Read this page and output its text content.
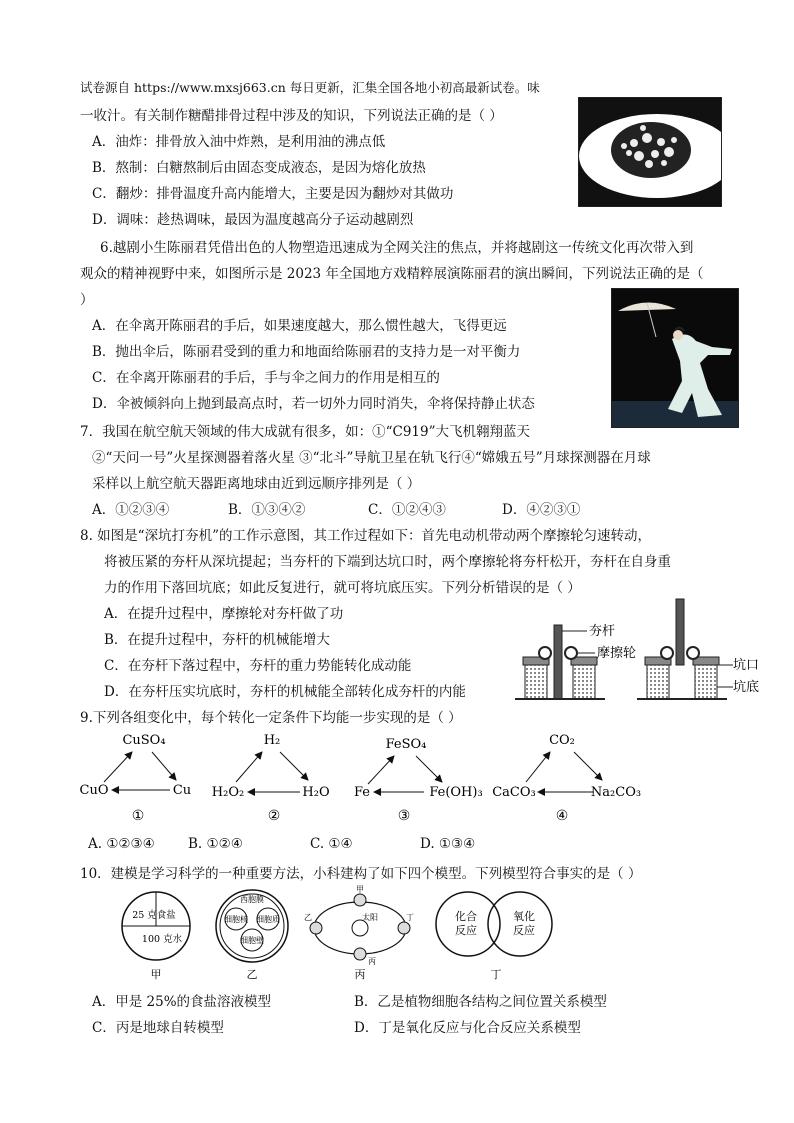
试卷源自 https://www.mxsj663.cn 每日更新，汇集全国各地小初高最新试卷。味
一收汁。有关制作糖醋排骨过程中涉及的知识，下列说法正确的是（ ）
A．油炸：排骨放入油中炸熟，是利用油的沸点低
B．熬制：白糖熬制后由固态变成液态，是因为熔化放热
C．翻炒：排骨温度升高内能增大，主要是因为翻炒对其做功
D．调味：趁热调味，最因为温度越高分子运动越剧烈
6.越剧小生陈丽君凭借出色的人物塑造迅速成为全网关注的焦点，并将越剧这一传统文化再次带入到
观众的精神视野中来，如图所示是 2023 年全国地方戏精粹展演陈丽君的演出瞬间，下列说法正确的是（
）
A．在伞离开陈丽君的手后，如果速度越大，那么惯性越大，飞得更远
B．抛出伞后，陈丽君受到的重力和地面给陈丽君的支持力是一对平衡力
C．在伞离开陈丽君的手后，手与伞之间力的作用是相互的
D．伞被倾斜向上抛到最高点时，若一切外力同时消失，伞将保持静止状态
7．我国在航空航天领域的伟大成就有很多，如：①“C919”大飞机翱翔蓝天
②“天问一号”火星探测器着落火星 ③“北斗”导航卫星在轨飞行④“嫦娥五号”月球探测器在月球
采样以上航空航天器距离地球由近到远顺序排列是（ ）
A．①②③④	B．①③④②	C．①②④③	D．④②③①
8. 如图是“深坑打夯机”的工作示意图，其工作过程如下：首先电动机带动两个摩擦轮匀速转动，
将被压紧的夯杆从深坑提起；当夯杆的下端到达坑口时，两个摩擦轮将夯杆松开，夯杆在自身重
力的作用下落回坑底；如此反复进行，就可将坑底压实。下列分析错误的是（ ）
A．在提升过程中，摩擦轮对夯杆做了功
B．在提升过程中，夯杆的机械能增大
C．在夯杆下落过程中，夯杆的重力势能转化成动能
D．在夯杆压实坑底时，夯杆的机械能全部转化成夯杆的内能
夯杆
摩擦轮
坑口
坑底
9.下列各组变化中，每个转化一定条件下均能一步实现的是（ ）
CuSO₄
CuO	Cu
①
H₂
H₂O₂	H₂O
②
FeSO₄
Fe	Fe(OH)₃
③
CO₂
CaCO₃	Na₂CO₃
④
A. ①②③④ B. ①②④	C. ①④	D. ①③④
10．建模是学习科学的一种重要方法，小科建构了如下四个模型。下列模型符合事实的是（ ）
25 克食盐
100 克水
甲
西胞膜
细胞核 细胞质
细胞壁
乙
甲
乙	太阳	丁
丙
丙
化合
反应
氧化
反应
丁
A．甲是 25%的食盐溶液模型	B．乙是植物细胞各结构之间位置关系模型
C．丙是地球自转模型	D．丁是氧化反应与化合反应关系模型
